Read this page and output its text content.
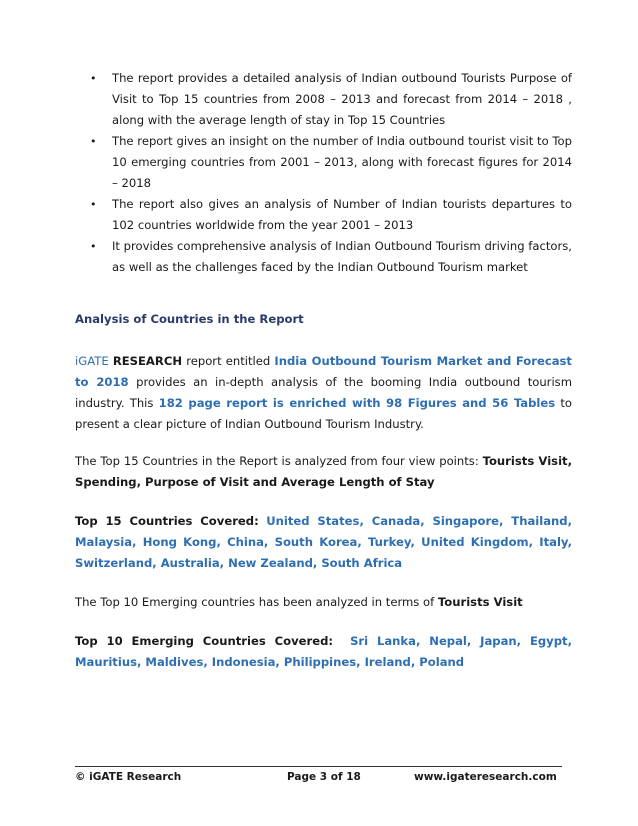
• The report provides a detailed analysis of Indian outbound Tourists Purpose of Visit to Top 15 countries from 2008 – 2013 and forecast from 2014 – 2018 , along with the average length of stay in Top 15 Countries
• The report gives an insight on the number of India outbound tourist visit to Top 10 emerging countries from 2001 – 2013, along with forecast figures for 2014 – 2018
• The report also gives an analysis of Number of Indian tourists departures to 102 countries worldwide from the year 2001 – 2013
• It provides comprehensive analysis of Indian Outbound Tourism driving factors, as well as the challenges faced by the Indian Outbound Tourism market
Analysis of Countries in the Report

iGATE RESEARCH report entitled India Outbound Tourism Market and Forecast to 2018 provides an in-depth analysis of the booming India outbound tourism industry. This 182 page report is enriched with 98 Figures and 56 Tables to present a clear picture of Indian Outbound Tourism Industry.

The Top 15 Countries in the Report is analyzed from four view points: Tourists Visit, Spending, Purpose of Visit and Average Length of Stay

Top 15 Countries Covered: United States, Canada, Singapore, Thailand, Malaysia, Hong Kong, China, South Korea, Turkey, United Kingdom, Italy, Switzerland, Australia, New Zealand, South Africa

The Top 10 Emerging countries has been analyzed in terms of Tourists Visit

Top 10 Emerging Countries Covered: Sri Lanka, Nepal, Japan, Egypt, Mauritius, Maldives, Indonesia, Philippines, Ireland, Poland

© iGATE Research	Page 3 of 18	www.igateresearch.com
